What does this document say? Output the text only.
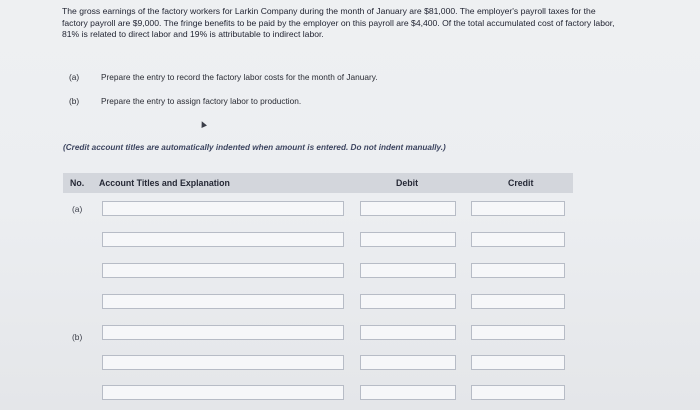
The gross earnings of the factory workers for Larkin Company during the month of January are $81,000. The employer's payroll taxes for the factory payroll are $9,000. The fringe benefits to be paid by the employer on this payroll are $4,400. Of the total accumulated cost of factory labor, 81% is related to direct labor and 19% is attributable to indirect labor.
(a)	Prepare the entry to record the factory labor costs for the month of January.
(b)	Prepare the entry to assign factory labor to production.
(Credit account titles are automatically indented when amount is entered. Do not indent manually.)
No. Account Titles and Explanation	Debit	Credit
(a)
(b)
